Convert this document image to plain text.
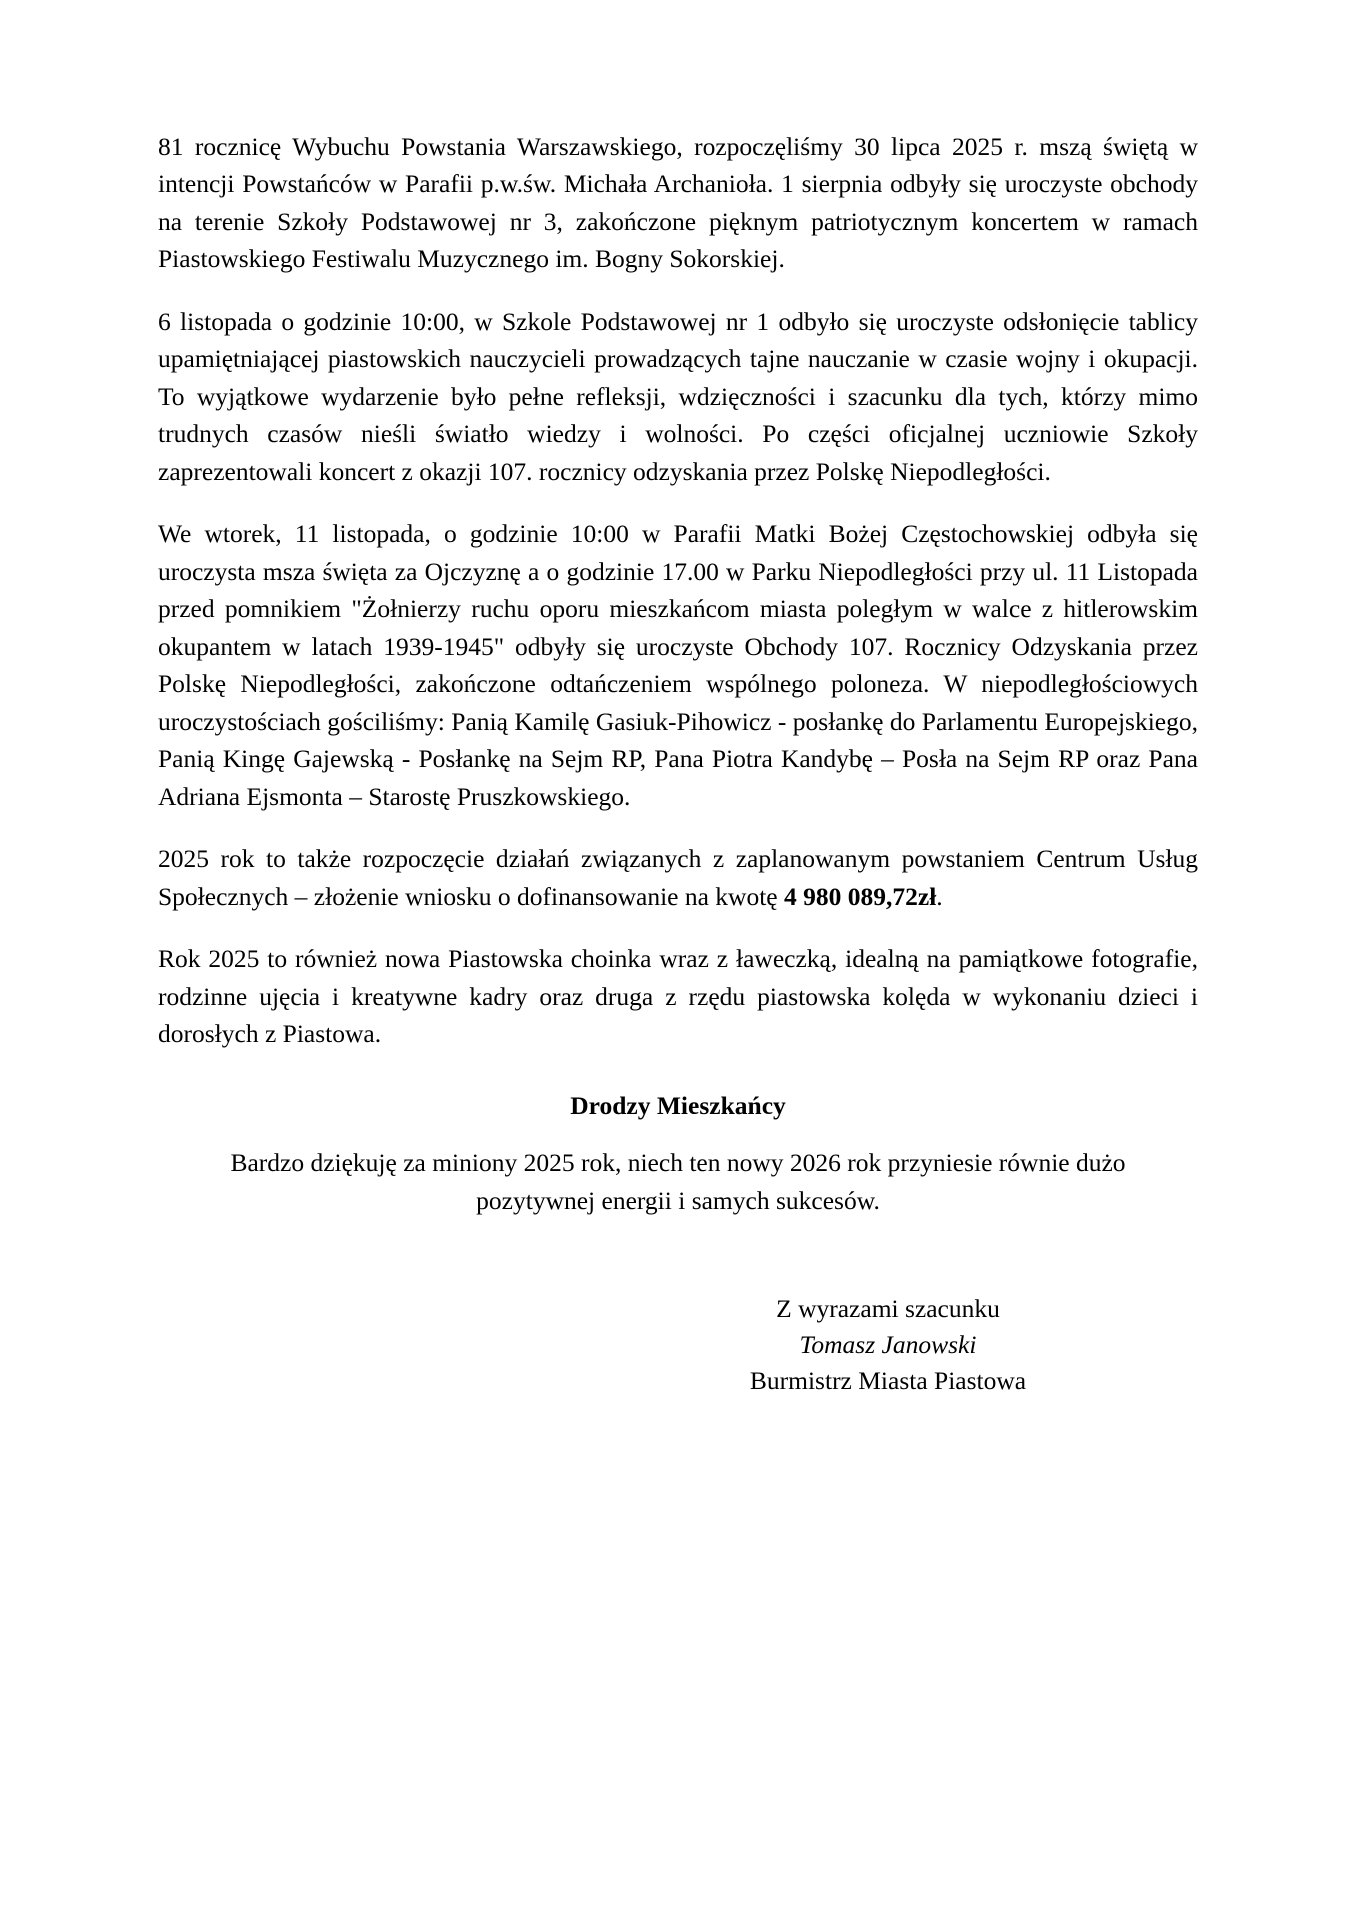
81 rocznicę Wybuchu Powstania Warszawskiego, rozpoczęliśmy 30 lipca 2025 r. mszą świętą w intencji Powstańców w Parafii p.w.św. Michała Archanioła. 1 sierpnia odbyły się uroczyste obchody na terenie Szkoły Podstawowej nr 3, zakończone pięknym patriotycznym koncertem w ramach Piastowskiego Festiwalu Muzycznego im. Bogny Sokorskiej.

6 listopada o godzinie 10:00, w Szkole Podstawowej nr 1 odbyło się uroczyste odsłonięcie tablicy upamiętniającej piastowskich nauczycieli prowadzących tajne nauczanie w czasie wojny i okupacji. To wyjątkowe wydarzenie było pełne refleksji, wdzięczności i szacunku dla tych, którzy mimo trudnych czasów nieśli światło wiedzy i wolności. Po części oficjalnej uczniowie Szkoły zaprezentowali koncert z okazji 107. rocznicy odzyskania przez Polskę Niepodległości.

We wtorek, 11 listopada, o godzinie 10:00 w Parafii Matki Bożej Częstochowskiej odbyła się uroczysta msza święta za Ojczyznę a o godzinie 17.00 w Parku Niepodległości przy ul. 11 Listopada przed pomnikiem "Żołnierzy ruchu oporu mieszkańcom miasta poległym w walce z hitlerowskim okupantem w latach 1939-1945" odbyły się uroczyste Obchody 107. Rocznicy Odzyskania przez Polskę Niepodległości, zakończone odtańczeniem wspólnego poloneza. W niepodległościowych uroczystościach gościliśmy: Panią Kamilę Gasiuk-Pihowicz - posłankę do Parlamentu Europejskiego, Panią Kingę Gajewską - Posłankę na Sejm RP, Pana Piotra Kandybę – Posła na Sejm RP oraz Pana Adriana Ejsmonta – Starostę Pruszkowskiego.

2025 rok to także rozpoczęcie działań związanych z zaplanowanym powstaniem Centrum Usług Społecznych – złożenie wniosku o dofinansowanie na kwotę 4 980 089,72zł.

Rok 2025 to również nowa Piastowska choinka wraz z ławeczką, idealną na pamiątkowe fotografie, rodzinne ujęcia i kreatywne kadry oraz druga z rzędu piastowska kolęda w wykonaniu dzieci i dorosłych z Piastowa.

Drodzy Mieszkańcy
Bardzo dziękuję za miniony 2025 rok, niech ten nowy 2026 rok przyniesie równie dużo pozytywnej energii i samych sukcesów.
Z wyrazami szacunku
Tomasz Janowski
Burmistrz Miasta Piastowa
